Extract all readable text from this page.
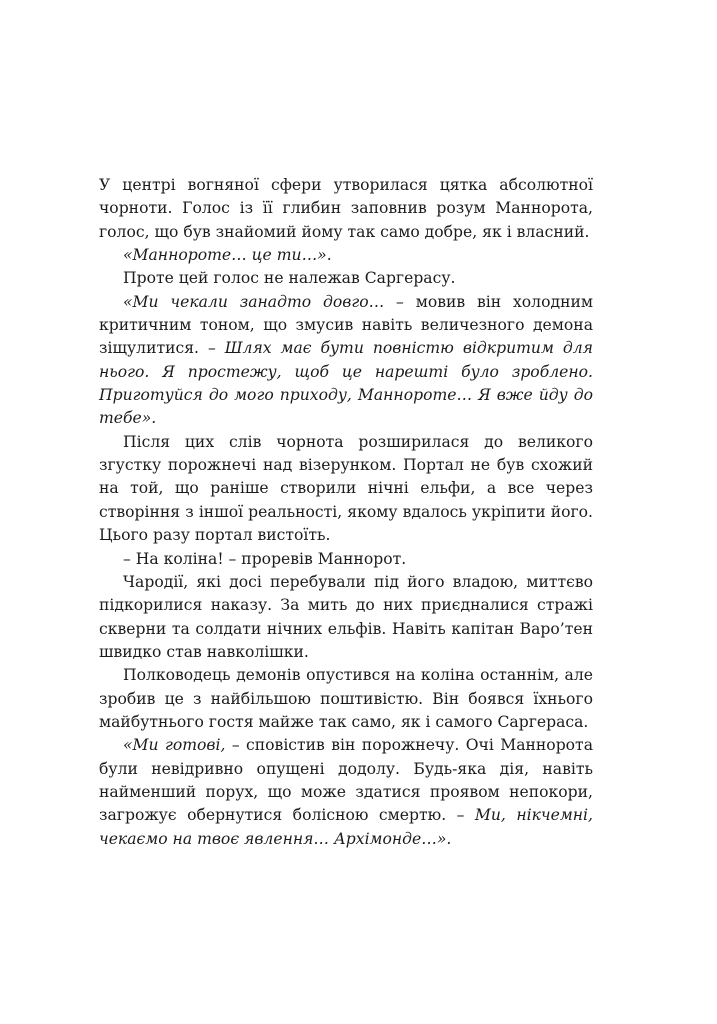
У центрі вогняної сфери утворилася цятка абсолютної чорноти. Голос із її глибин заповнив розум Маннорота, голос, що був знайомий йому так само добре, як і власний.

«Манноротe… це ти…».

Проте цей голос не належав Саргерасу.

«Ми чекали занадто довго… – мовив він холодним критичним тоном, що змусив навіть величезного демона зіщулитися. – Шлях має бути повністю відкритим для нього. Я простежу, щоб це нарешті було зроблено. Приготуйся до мого приходу, Манноротe… Я вже йду до тебе».

Після цих слів чорнота розширилася до великого згустку порожнечі над візерунком. Портал не був схожий на той, що раніше створили нічні ельфи, а все через створіння з іншої реальності, якому вдалось укріпити його. Цього разу портал вистоїть.

– На коліна! – проревів Маннорот.

Чародії, які досі перебували під його владою, миттєво підкорилися наказу. За мить до них приєдналися стражі скверни та солдати нічних ельфів. Навіть капітан Варо’тен швидко став навколішки.

Полководець демонів опустився на коліна останнім, але зробив це з найбільшою поштивістю. Він боявся їхнього майбутнього гостя майже так само, як і самого Саргераса.

«Ми готові, – сповістив він порожнечу. Очі Маннорота були невідривно опущені додолу. Будь-яка дія, навіть найменший порух, що може здатися проявом непокори, загрожує обернутися болісною смертю. – Ми, нікчемні, чекаємо на твоє явлення… Архімонде…».
